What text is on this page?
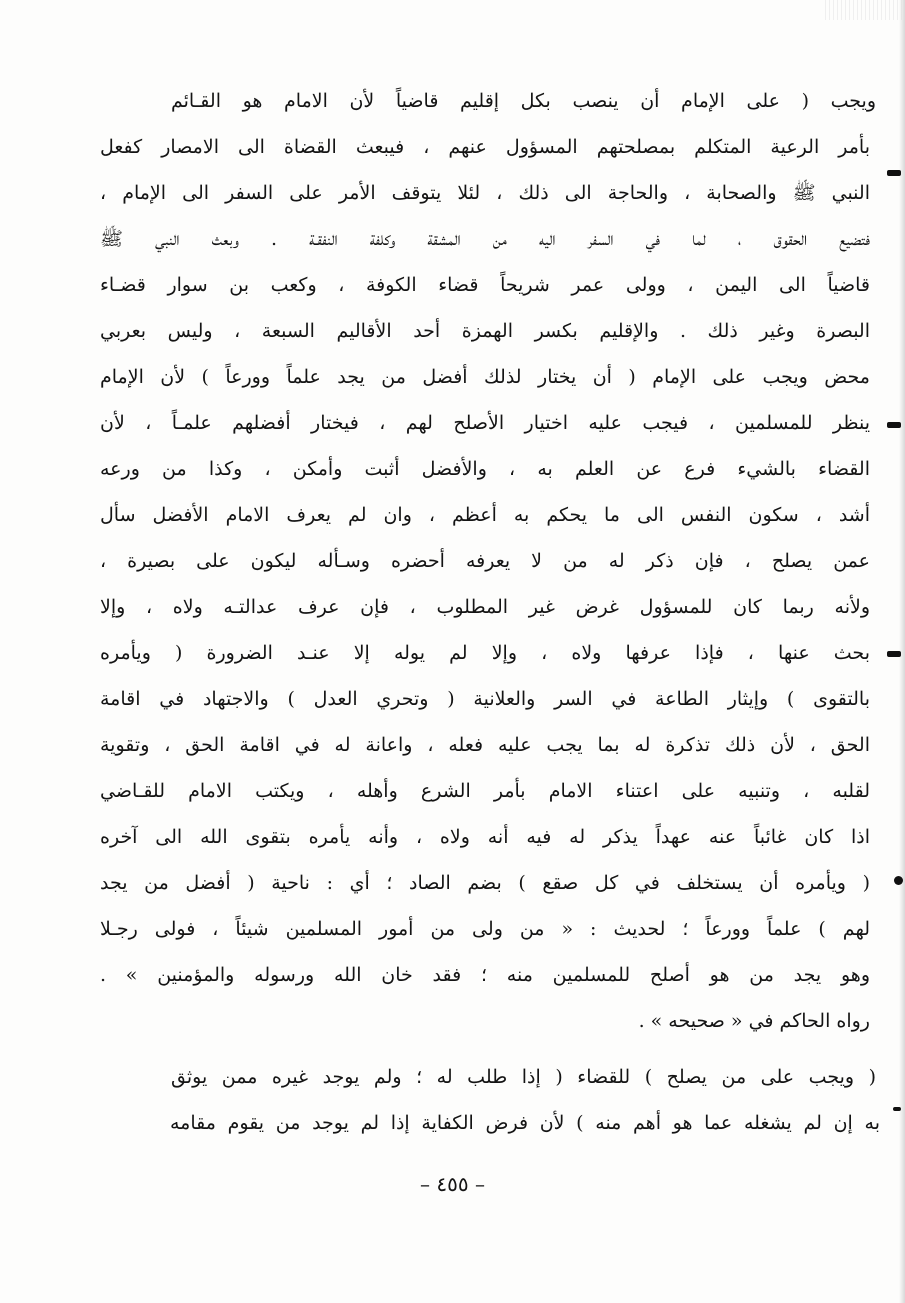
ويجب ( على الإمام أن ينصب بكل إقليم قاضياً لأن الامام هو القـائم
بأمر الرعية المتكلم بمصلحتهم المسؤول عنهم ، فيبعث القضاة الى الامصار كفعل
النبي ﷺ والصحابة ، والحاجة الى ذلك ، لئلا يتوقف الأمر على السفر الى الإمام ،
فتضيع الحقوق ، لما في السفر اليه من المشقة وكلفة النفقـة . وبعث النبي ﷺ
قاضياً الى اليمن ، وولى عمر شريحاً قضاء الكوفة ، وكعب بن سوار قضـاء
البصرة وغير ذلك . والإقليم بكسر الهمزة أحد الأقاليم السبعة ، وليس بعربي
محض ويجب على الإمام ( أن يختار لذلك أفضل من يجد علماً وورعاً ) لأن الإمام
ينظر للمسلمين ، فيجب عليه اختيار الأصلح لهم ، فيختار أفضلهم علمـاً ، لأن
القضاء بالشيء فرع عن العلم به ، والأفضل أثبت وأمكن ، وكذا من ورعه
أشد ، سكون النفس الى ما يحكم به أعظم ، وان لم يعرف الامام الأفضل سأل
عمن يصلح ، فإن ذكر له من لا يعرفه أحضره وسـأله ليكون على بصيرة ،
ولأنه ربما كان للمسؤول غرض غير المطلوب ، فإن عرف عدالتـه ولاه ، وإلا
بحث عنها ، فإذا عرفها ولاه ، وإلا لم يوله إلا عنـد الضرورة ( ويأمره
بالتقوى ) وإيثار الطاعة في السر والعلانية ( وتحري العدل ) والاجتهاد في اقامة
الحق ، لأن ذلك تذكرة له بما يجب عليه فعله ، واعانة له في اقامة الحق ، وتقوية
لقلبه ، وتنبيه على اعتناء الامام بأمر الشرع وأهله ، ويكتب الامام للقـاضي
اذا كان غائباً عنه عهداً يذكر له فيه أنه ولاه ، وأنه يأمره بتقوى الله الى آخره
( ويأمره أن يستخلف في كل صقع ) بضم الصاد ؛ أي : ناحية ( أفضل من يجد
لهم ) علماً وورعاً ؛ لحديث : « من ولى من أمور المسلمين شيئاً ، فولى رجـلا
وهو يجد من هو أصلح للمسلمين منه ؛ فقد خان الله ورسوله والمؤمنين » .
رواه الحاكم في « صحيحه » .
( ويجب على من يصلح ) للقضاء ( إذا طلب له ؛ ولم يوجد غيره ممن يوثق
به إن لم يشغله عما هو أهم منه ) لأن فرض الكفاية إذا لم يوجد من يقوم مقامه
– ٤٥٥ –
